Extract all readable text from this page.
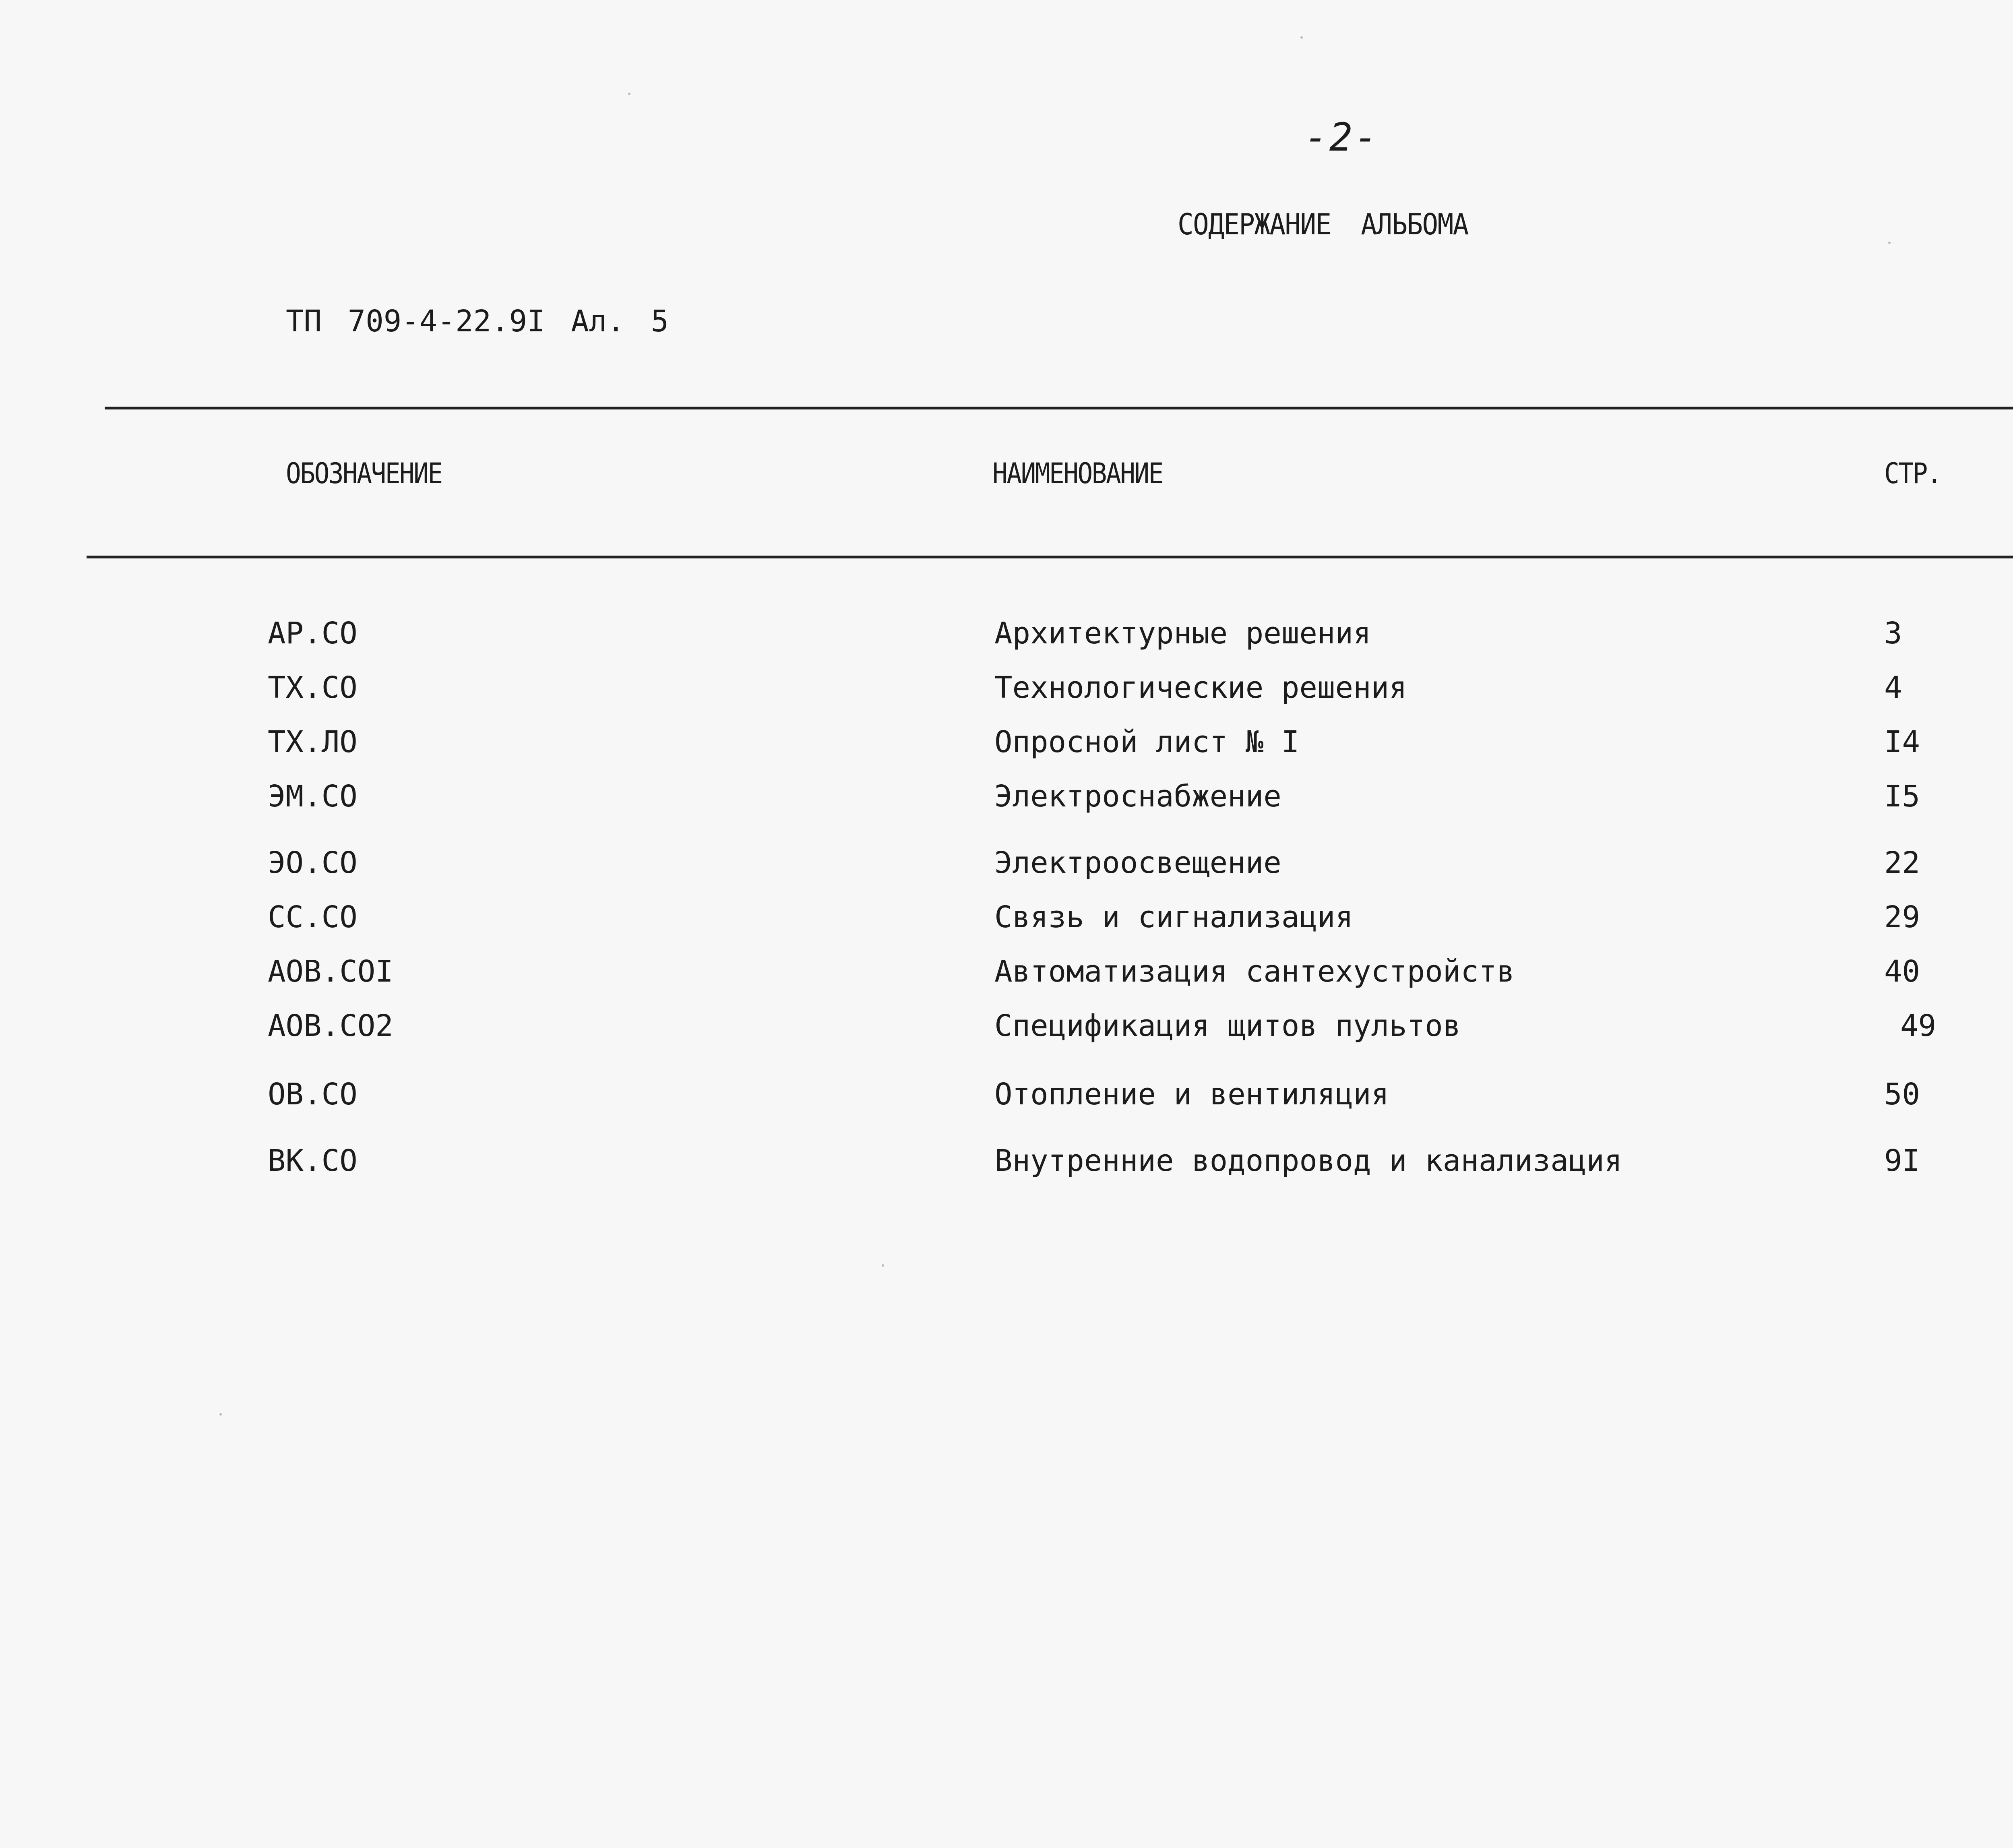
-2-
СОДЕРЖАНИЕ АЛЬБОМА
ТП 709-4-22.9I Ал. 5
ОБОЗНАЧЕНИЕ	НАИМЕНОВАНИЕ	СТР.
АР.СО	Архитектурные решения	3
ТХ.СО	Технологические решения	4
ТХ.ЛО	Опросной лист № I	I4
ЭМ.СО	Электроснабжение	I5
ЭО.СО	Электроосвещение	22
СС.СО	Связь и сигнализация	29
АОВ.СОI	Автоматизация сантехустройств	40
АОВ.СО2	Спецификация щитов пультов	49
ОВ.СО	Отопление и вентиляция	50
ВК.СО	Внутренние водопровод и канализация	9I
